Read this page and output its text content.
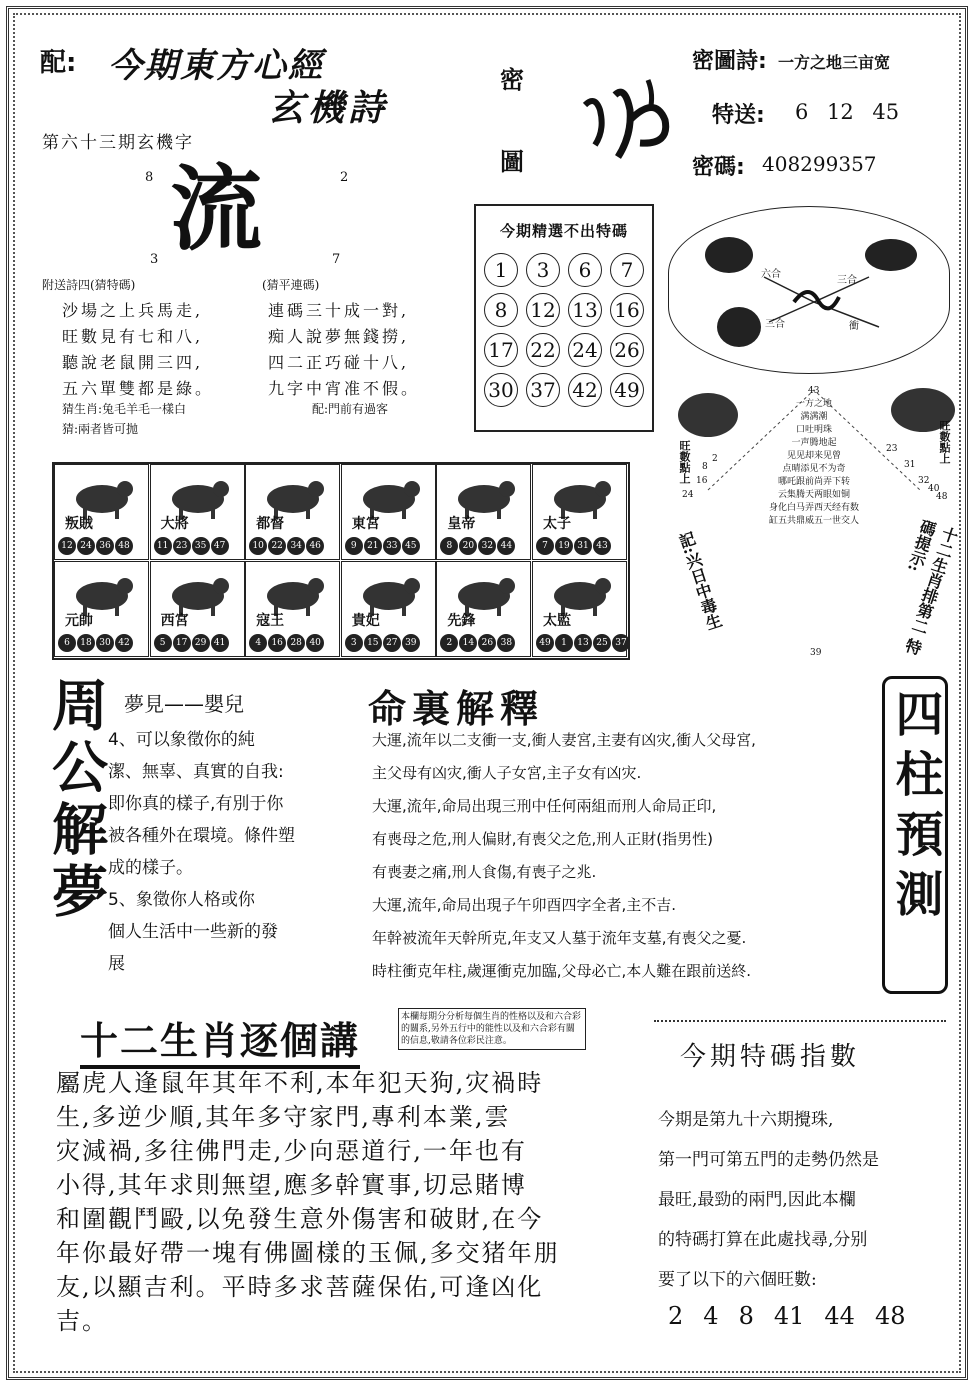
配: 今期東方心經
玄機詩
第六十三期玄機字
8	2
3	7
流
密
圖
密圖詩: 一方之地三亩宽
特送: 6 12 45
密碼: 408299357
附送詩四(猜特碼)	(猜平連碼)

沙場之上兵馬走,

旺數見有七和八,

聽說老鼠開三四,

五六單雙都是綠。

連碼三十成一對,

痴人說夢無錢撈,

四二正巧碰十八,

九字中宵准不假。

猜生肖:兔毛羊毛一樣白
猜:兩者皆可抛
配:門前有過客
今期精選不出特碼
1	3	6	7
8	12 13 16
17 22 24 26
30 37 42 49
三合
六合
三合	衝
旺數點上	旺數點上
43
23
31
2
8
16
24
32
40
48
39
一方之地
满满潮
口吐明珠
一声腾地起
见见却来见曾
点晴添见不为奇
哪吒跟前尚弄下转
云集腾天两眼如铜
身化白马弄西天经有数
缸五共鼎威五一世交人
記:兴日中毒生	十二生肖排第二 特碼提示:
叛賊
12 24 36 48
大將
11 23 35 47
都督
10 22 34 46
東宮
9	21 33 45
皇帝
8	20 32 44
太子
7	19 31 43
元帥
6	18 30 42
西宮
5	17 29 41
寇王
4	16 28 40
貴妃
3	15 27 39
先鋒
2	14 26 38
太監
49	1	13 25 37
周公解夢 夢見——嬰兒
4、可以象徵你的純
潔、無辜、真實的自我:
即你真的樣子,有別于你
被各種外在環境。條件塑
成的樣子。
5、象徵你人格或你
個人生活中一些新的發
展
命裏解釋
大運,流年以二支衝一支,衝人妻宮,主妻有凶灾,衝人父母宮,
主父母有凶灾,衝人子女宮,主子女有凶灾.
大運,流年,命局出現三刑中任何兩組而刑人命局正印,
有喪母之危,刑人偏財,有喪父之危,刑人正財(指男性)
有喪妻之痛,刑人食傷,有喪子之兆.
大運,流年,命局出現子午卯酉四字全者,主不吉.
年幹被流年天幹所克,年支又人墓于流年支墓,有喪父之憂.
時柱衝克年柱,歲運衝克加臨,父母必亡,本人難在跟前送終.
四柱預測
十二生肖逐個講
本欄每期分分析每個生肖的性格以及和六合彩的關系,另外五行中的能性以及和六合彩有關的信息,敬請各位彩民注意。
屬虎人逢鼠年其年不利,本年犯天狗,灾禍時
生,多逆少順,其年多守家門,專利本業,雲
灾減禍,多往佛門走,少向惡道行,一年也有
小得,其年求則無望,應多幹實事,切忌賭博
和圍觀鬥毆,以免發生意外傷害和破財,在今
年你最好帶一塊有佛圖樣的玉佩,多交猪年朋
友,以顯吉利。平時多求菩薩保佑,可逢凶化
吉。
今期特碼指數
今期是第九十六期攪珠,
第一門可第五門的走勢仍然是
最旺,最勁的兩門,因此本欄
的特碼打算在此處找尋,分别
要了以下的六個旺數:
2 4 8 41 44 48
